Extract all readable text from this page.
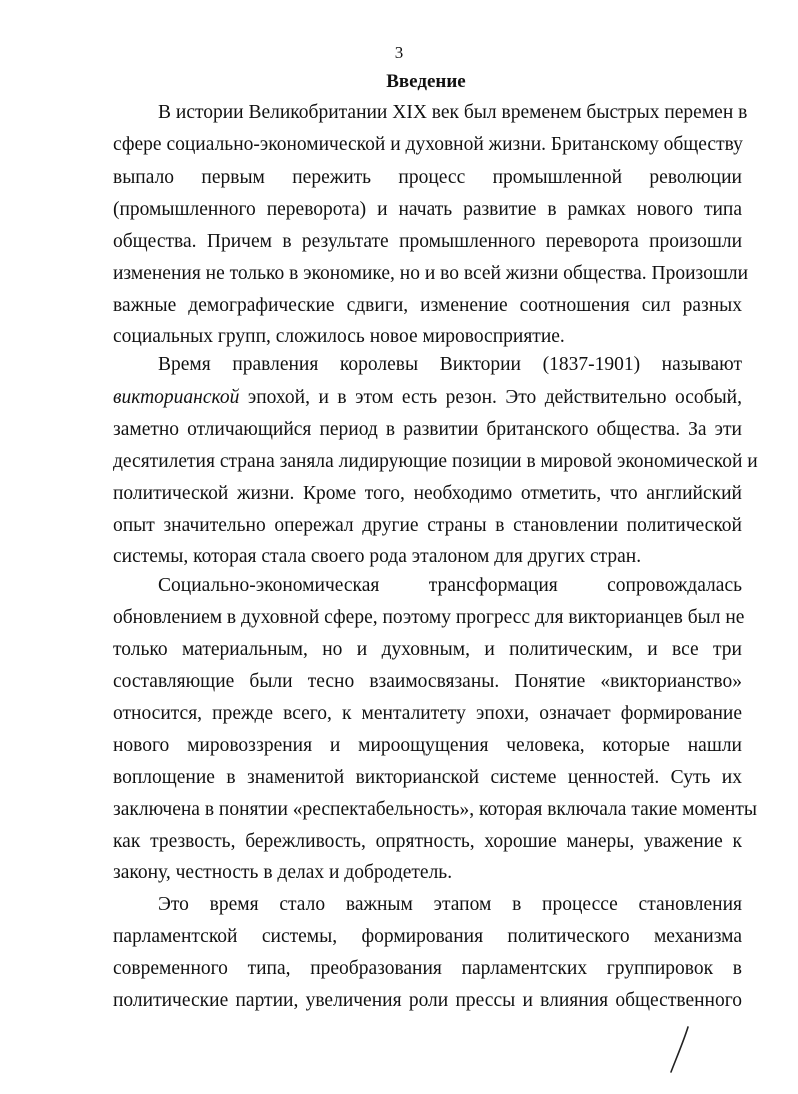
3
Введение
В истории Великобритании XIX век был временем быстрых перемен в
сфере социально-экономической и духовной жизни. Британскому обществу
выпало первым пережить процесс промышленной революции
(промышленного переворота) и начать развитие в рамках нового типа
общества. Причем в результате промышленного переворота произошли
изменения не только в экономике, но и во всей жизни общества. Произошли
важные демографические сдвиги, изменение соотношения сил разных
социальных групп, сложилось новое мировосприятие.
Время правления королевы Виктории (1837-1901) называют
викторианской эпохой, и в этом есть резон. Это действительно особый,
заметно отличающийся период в развитии британского общества. За эти
десятилетия страна заняла лидирующие позиции в мировой экономической и
политической жизни. Кроме того, необходимо отметить, что английский
опыт значительно опережал другие страны в становлении политической
системы, которая стала своего рода эталоном для других стран.
Социально-экономическая трансформация сопровождалась
обновлением в духовной сфере, поэтому прогресс для викторианцев был не
только материальным, но и духовным, и политическим, и все три
составляющие были тесно взаимосвязаны. Понятие «викторианство»
относится, прежде всего, к менталитету эпохи, означает формирование
нового мировоззрения и мироощущения человека, которые нашли
воплощение в знаменитой викторианской системе ценностей. Суть их
заключена в понятии «респектабельность», которая включала такие моменты
как трезвость, бережливость, опрятность, хорошие манеры, уважение к
закону, честность в делах и добродетель.
Это время стало важным этапом в процессе становления
парламентской системы, формирования политического механизма
современного типа, преобразования парламентских группировок в
политические партии, увеличения роли прессы и влияния общественного
